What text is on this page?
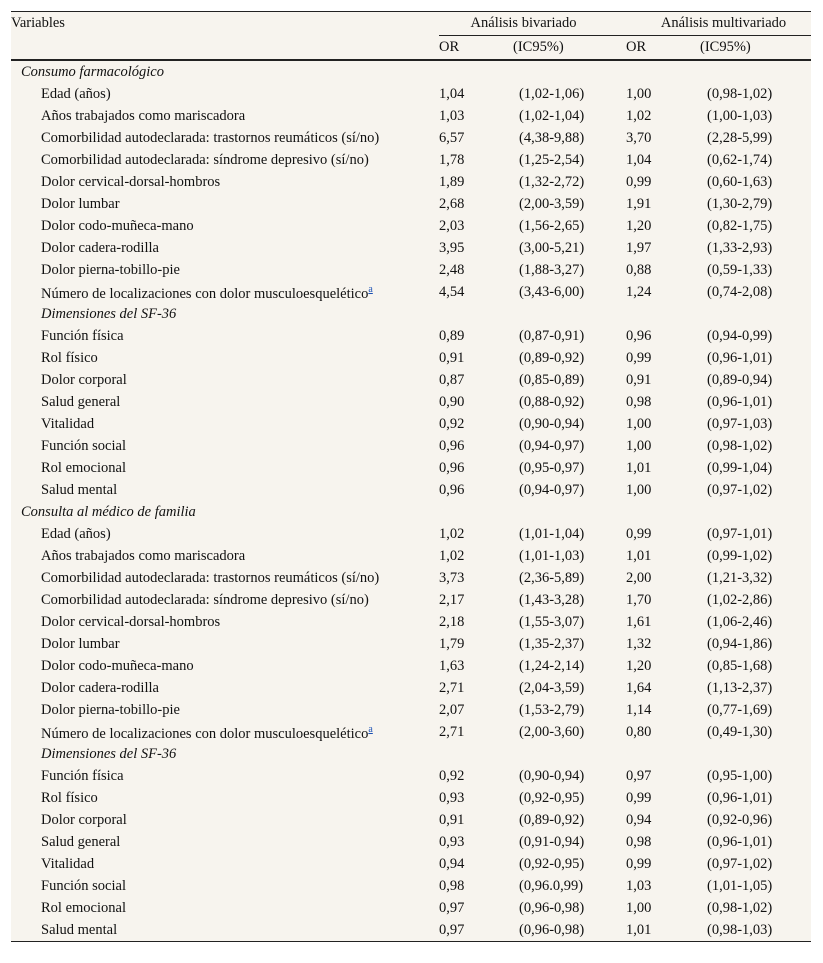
Variables	Análisis bivariado		Análisis multivariado	
	OR	(IC95%)	OR	(IC95%)
Consumo farmacológico				
Edad (años)	1,04	(1,02-1,06)	1,00	(0,98-1,02)
Años trabajados como mariscadora	1,03	(1,02-1,04)	1,02	(1,00-1,03)
Comorbilidad autodeclarada: trastornos reumáticos (sí/no)	6,57	(4,38-9,88)	3,70	(2,28-5,99)
Comorbilidad autodeclarada: síndrome depresivo (sí/no)	1,78	(1,25-2,54)	1,04	(0,62-1,74)
Dolor cervical-dorsal-hombros	1,89	(1,32-2,72)	0,99	(0,60-1,63)
Dolor lumbar	2,68	(2,00-3,59)	1,91	(1,30-2,79)
Dolor codo-muñeca-mano	2,03	(1,56-2,65)	1,20	(0,82-1,75)
Dolor cadera-rodilla	3,95	(3,00-5,21)	1,97	(1,33-2,93)
Dolor pierna-tobillo-pie	2,48	(1,88-3,27)	0,88	(0,59-1,33)
Número de localizaciones con dolor musculoesquelético$^a$	4,54	(3,43-6,00)	1,24	(0,74-2,08)
Dimensiones del SF-36				
Función física	0,89	(0,87-0,91)	0,96	(0,94-0,99)
Rol físico	0,91	(0,89-0,92)	0,99	(0,96-1,01)
Dolor corporal	0,87	(0,85-0,89)	0,91	(0,89-0,94)
Salud general	0,90	(0,88-0,92)	0,98	(0,96-1,01)
Vitalidad	0,92	(0,90-0,94)	1,00	(0,97-1,03)
Función social	0,96	(0,94-0,97)	1,00	(0,98-1,02)
Rol emocional	0,96	(0,95-0,97)	1,01	(0,99-1,04)
Salud mental	0,96	(0,94-0,97)	1,00	(0,97-1,02)
Consulta al médico de familia				
Edad (años)	1,02	(1,01-1,04)	0,99	(0,97-1,01)
Años trabajados como mariscadora	1,02	(1,01-1,03)	1,01	(0,99-1,02)
Comorbilidad autodeclarada: trastornos reumáticos (sí/no)	3,73	(2,36-5,89)	2,00	(1,21-3,32)
Comorbilidad autodeclarada: síndrome depresivo (sí/no)	2,17	(1,43-3,28)	1,70	(1,02-2,86)
Dolor cervical-dorsal-hombros	2,18	(1,55-3,07)	1,61	(1,06-2,46)
Dolor lumbar	1,79	(1,35-2,37)	1,32	(0,94-1,86)
Dolor codo-muñeca-mano	1,63	(1,24-2,14)	1,20	(0,85-1,68)
Dolor cadera-rodilla	2,71	(2,04-3,59)	1,64	(1,13-2,37)
Dolor pierna-tobillo-pie	2,07	(1,53-2,79)	1,14	(0,77-1,69)
Número de localizaciones con dolor musculoesquelético$^a$	2,71	(2,00-3,60)	0,80	(0,49-1,30)
Dimensiones del SF-36				
Función física	0,92	(0,90-0,94)	0,97	(0,95-1,00)
Rol físico	0,93	(0,92-0,95)	0,99	(0,96-1,01)
Dolor corporal	0,91	(0,89-0,92)	0,94	(0,92-0,96)
Salud general	0,93	(0,91-0,94)	0,98	(0,96-1,01)
Vitalidad	0,94	(0,92-0,95)	0,99	(0,97-1,02)
Función social	0,98	(0,96.0,99)	1,03	(1,01-1,05)
Rol emocional	0,97	(0,96-0,98)	1,00	(0,98-1,02)
Salud mental	0,97	(0,96-0,98)	1,01	(0,98-1,03)
